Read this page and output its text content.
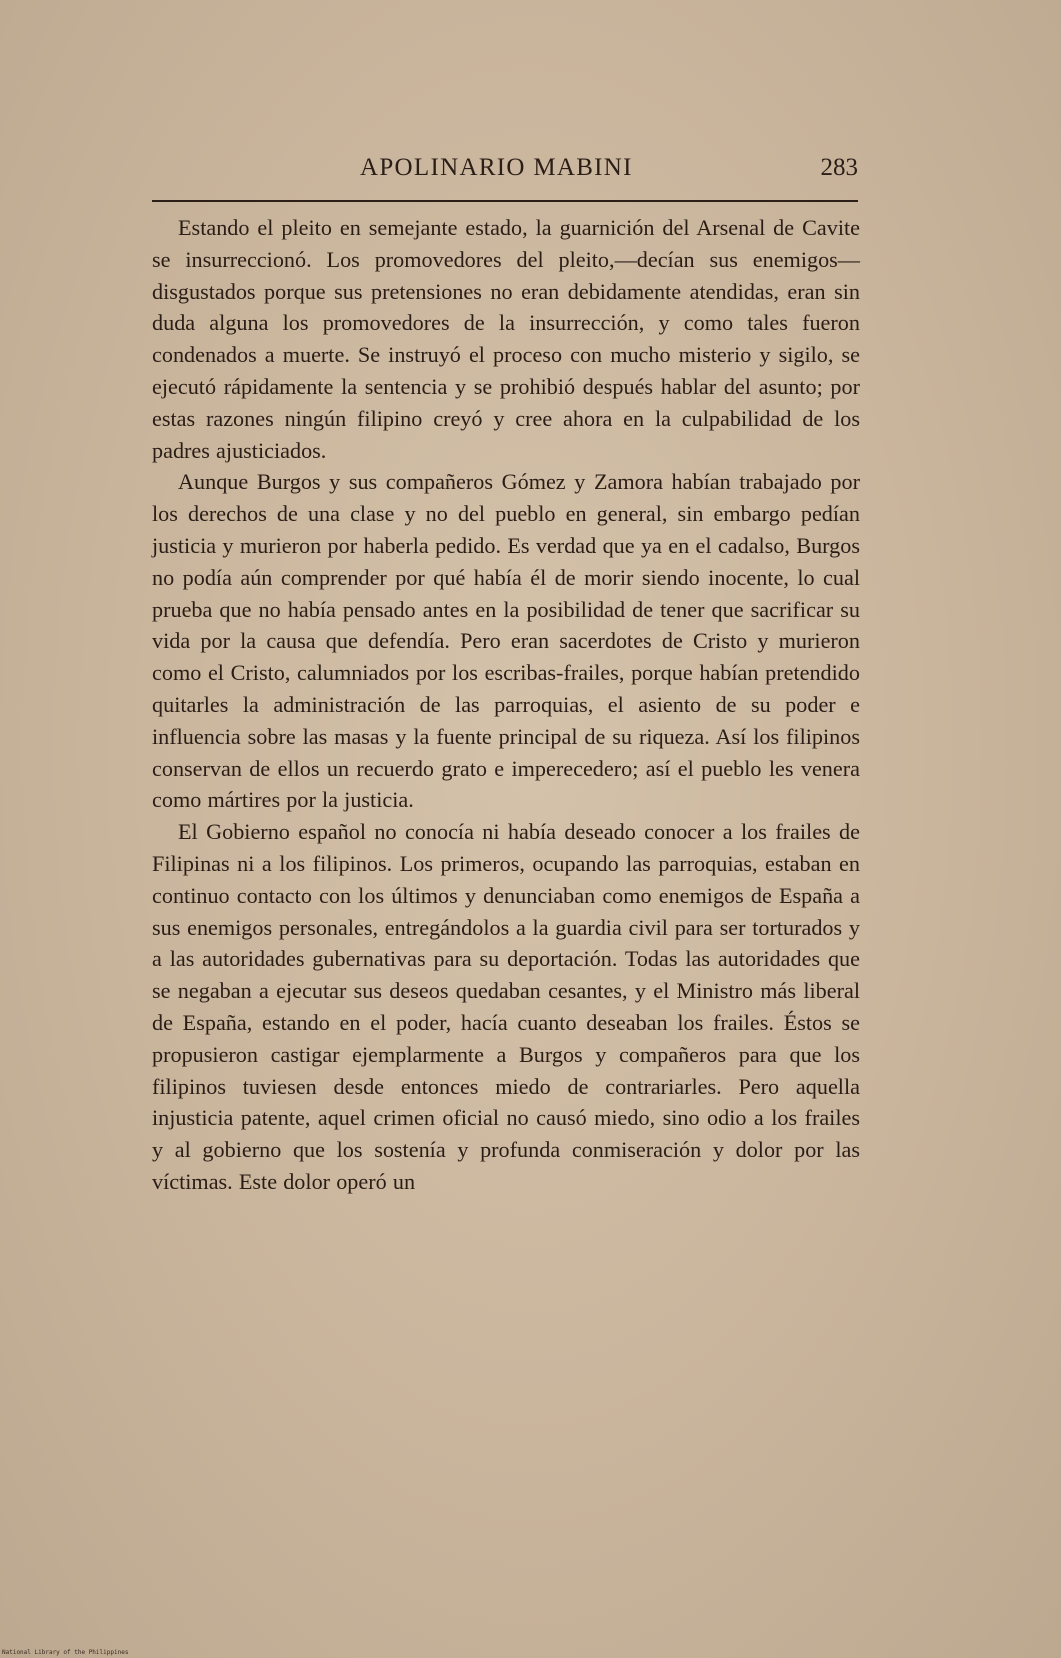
APOLINARIO MABINI	283

Estando el pleito en semejante estado, la guarnición del Arsenal de Cavite se insurreccionó. Los promovedores del pleito,—decían sus enemigos—disgustados porque sus pretensiones no eran debidamente atendidas, eran sin duda alguna los promovedores de la insurrección, y como tales fueron condenados a muerte. Se instruyó el proceso con mucho misterio y sigilo, se ejecutó rápidamente la sentencia y se prohibió después hablar del asunto; por estas razones ningún filipino creyó y cree ahora en la culpabilidad de los padres ajusticiados.

Aunque Burgos y sus compañeros Gómez y Zamora habían trabajado por los derechos de una clase y no del pueblo en general, sin embargo pedían justicia y murieron por haberla pedido. Es verdad que ya en el cadalso, Burgos no podía aún comprender por qué había él de morir siendo inocente, lo cual prueba que no había pensado antes en la posibilidad de tener que sacrificar su vida por la causa que defendía. Pero eran sacerdotes de Cristo y murieron como el Cristo, calumniados por los escribas-frailes, porque habían pretendido quitarles la administración de las parroquias, el asiento de su poder e influencia sobre las masas y la fuente principal de su riqueza. Así los filipinos conservan de ellos un recuerdo grato e imperecedero; así el pueblo les venera como mártires por la justicia.

El Gobierno español no conocía ni había deseado conocer a los frailes de Filipinas ni a los filipinos. Los primeros, ocupando las parroquias, estaban en continuo contacto con los últimos y denunciaban como enemigos de España a sus enemigos personales, entregándolos a la guardia civil para ser torturados y a las autoridades gubernativas para su deportación. Todas las autoridades que se negaban a ejecutar sus deseos quedaban cesantes, y el Ministro más liberal de España, estando en el poder, hacía cuanto deseaban los frailes. Éstos se propusieron castigar ejemplarmente a Burgos y compañeros para que los filipinos tuviesen desde entonces miedo de contrariarles. Pero aquella injusticia patente, aquel crimen oficial no causó miedo, sino odio a los frailes y al gobierno que los sostenía y profunda conmiseración y dolor por las víctimas. Este dolor operó un

National Library of the Philippines
